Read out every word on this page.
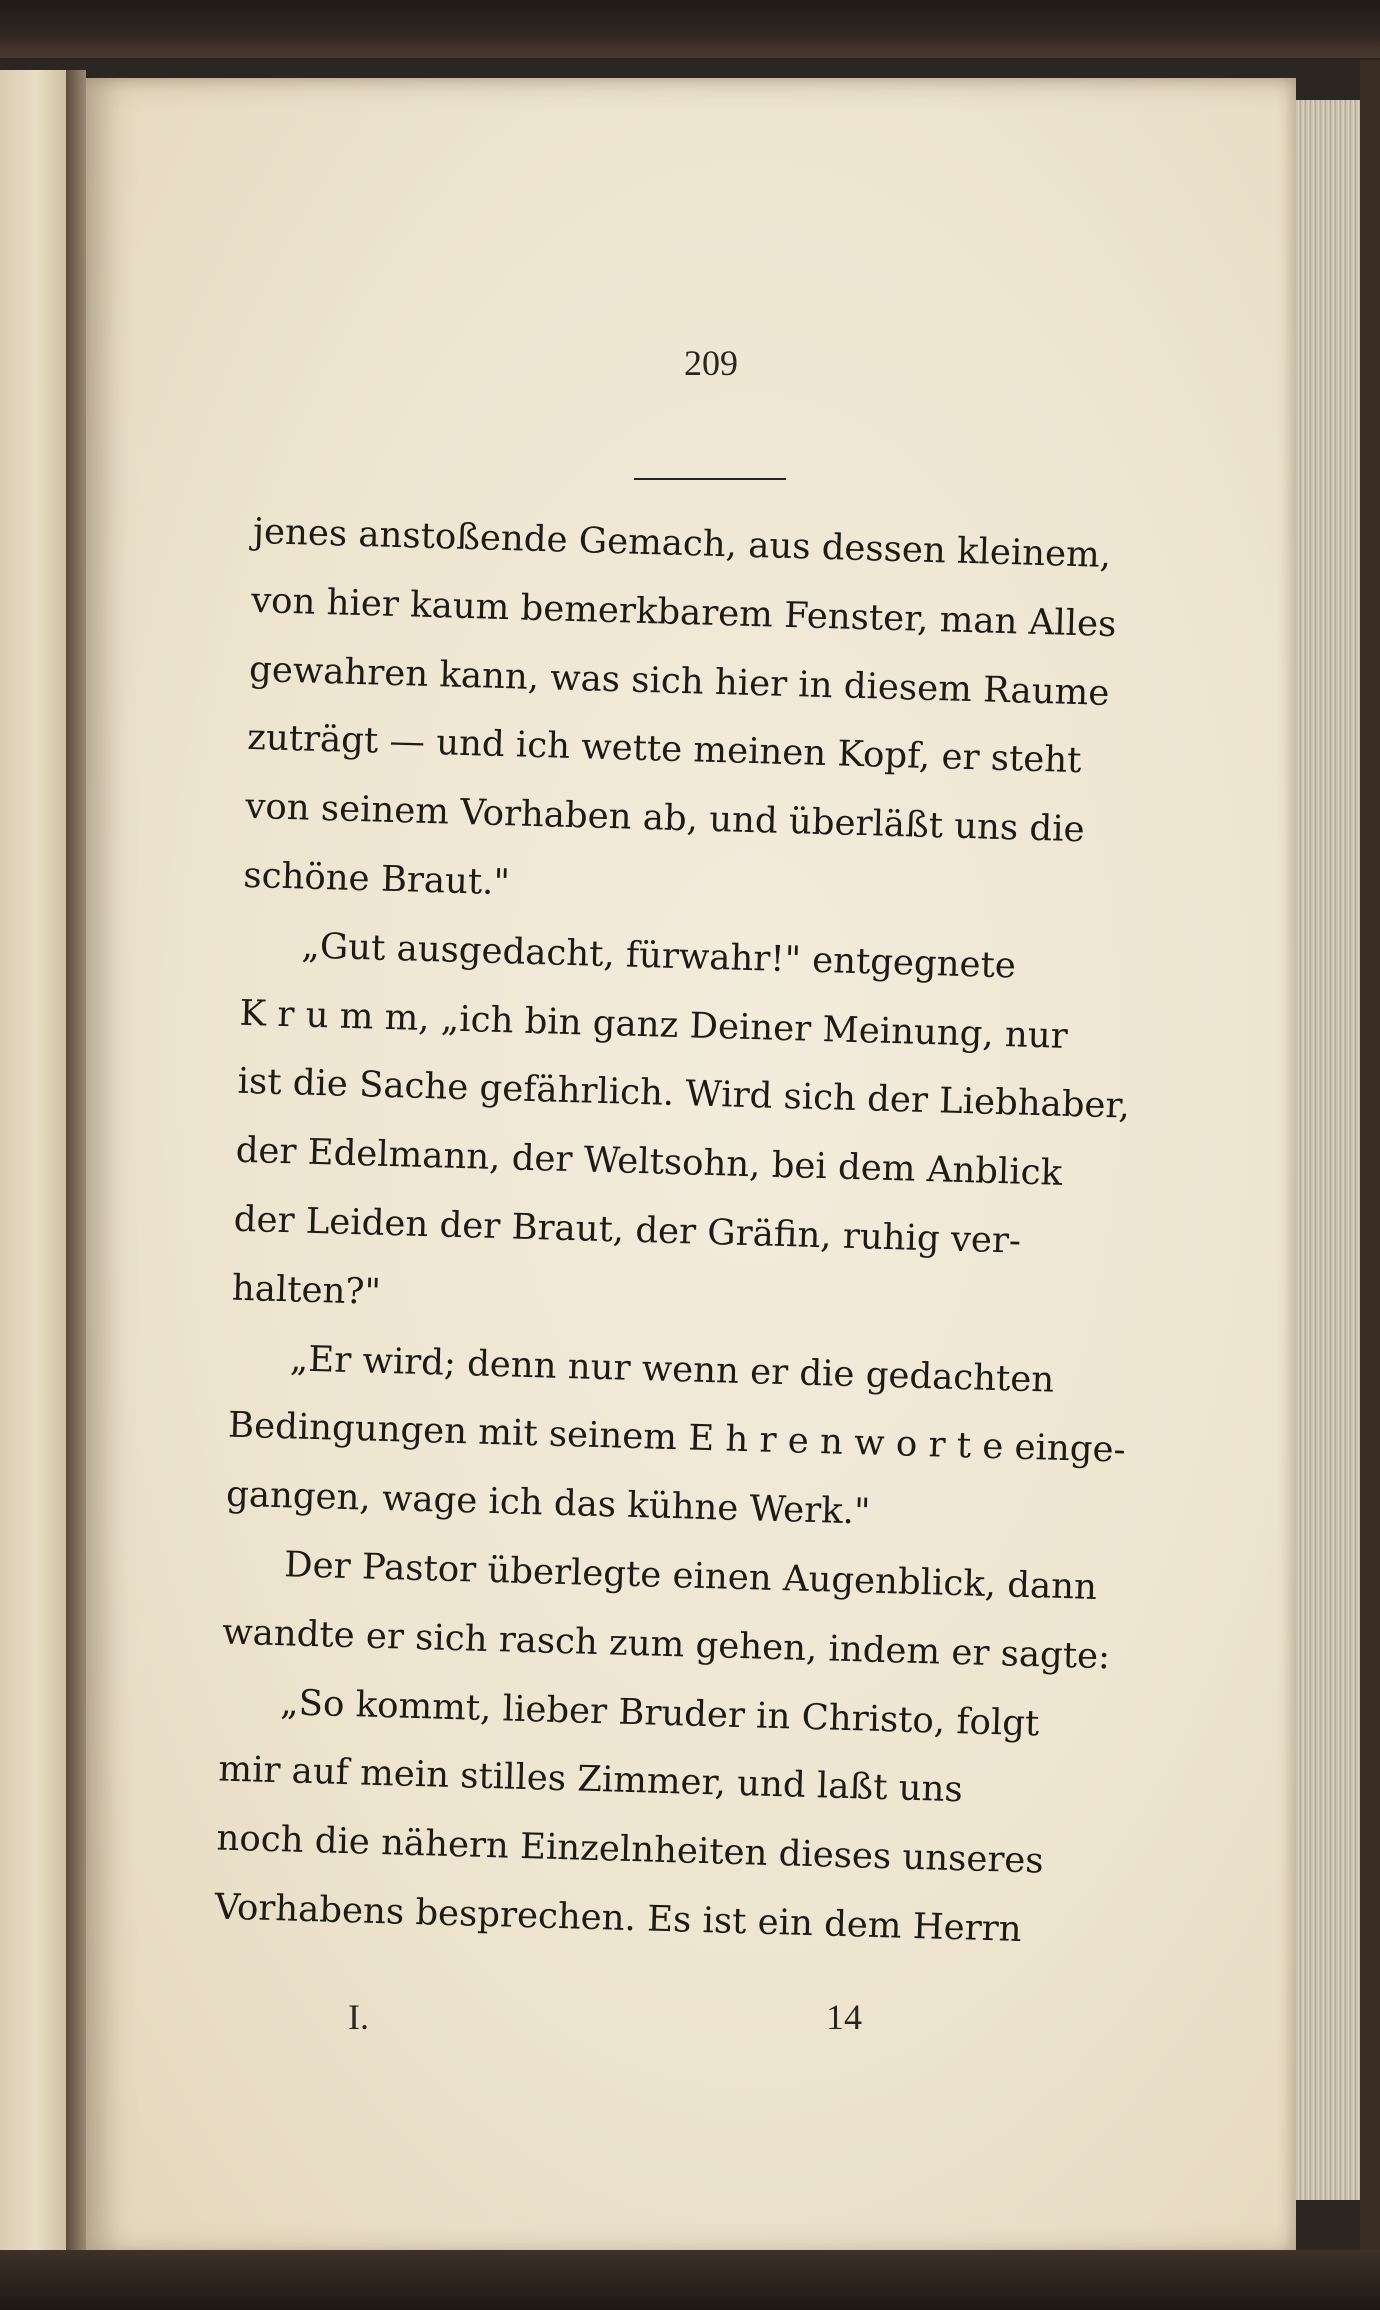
209
jenes anstoßende Gemach, aus dessen kleinem,
von hier kaum bemerkbarem Fenster, man Alles
gewahren kann, was sich hier in diesem Raume
zuträgt — und ich wette meinen Kopf, er steht
von seinem Vorhaben ab, und überläßt uns die
schöne Braut."
„Gut ausgedacht, fürwahr!" entgegnete
K r u m m, „ich bin ganz Deiner Meinung, nur
ist die Sache gefährlich. Wird sich der Liebhaber,
der Edelmann, der Weltsohn, bei dem Anblick
der Leiden der Braut, der Gräfin, ruhig ver-
halten?"
„Er wird; denn nur wenn er die gedachten
Bedingungen mit seinem E h r e n w o r t e einge-
gangen, wage ich das kühne Werk."
Der Pastor überlegte einen Augenblick, dann
wandte er sich rasch zum gehen, indem er sagte:
„So kommt, lieber Bruder in Christo, folgt
mir auf mein stilles Zimmer, und laßt uns
noch die nähern Einzelnheiten dieses unseres
Vorhabens besprechen. Es ist ein dem Herrn
I.	14
